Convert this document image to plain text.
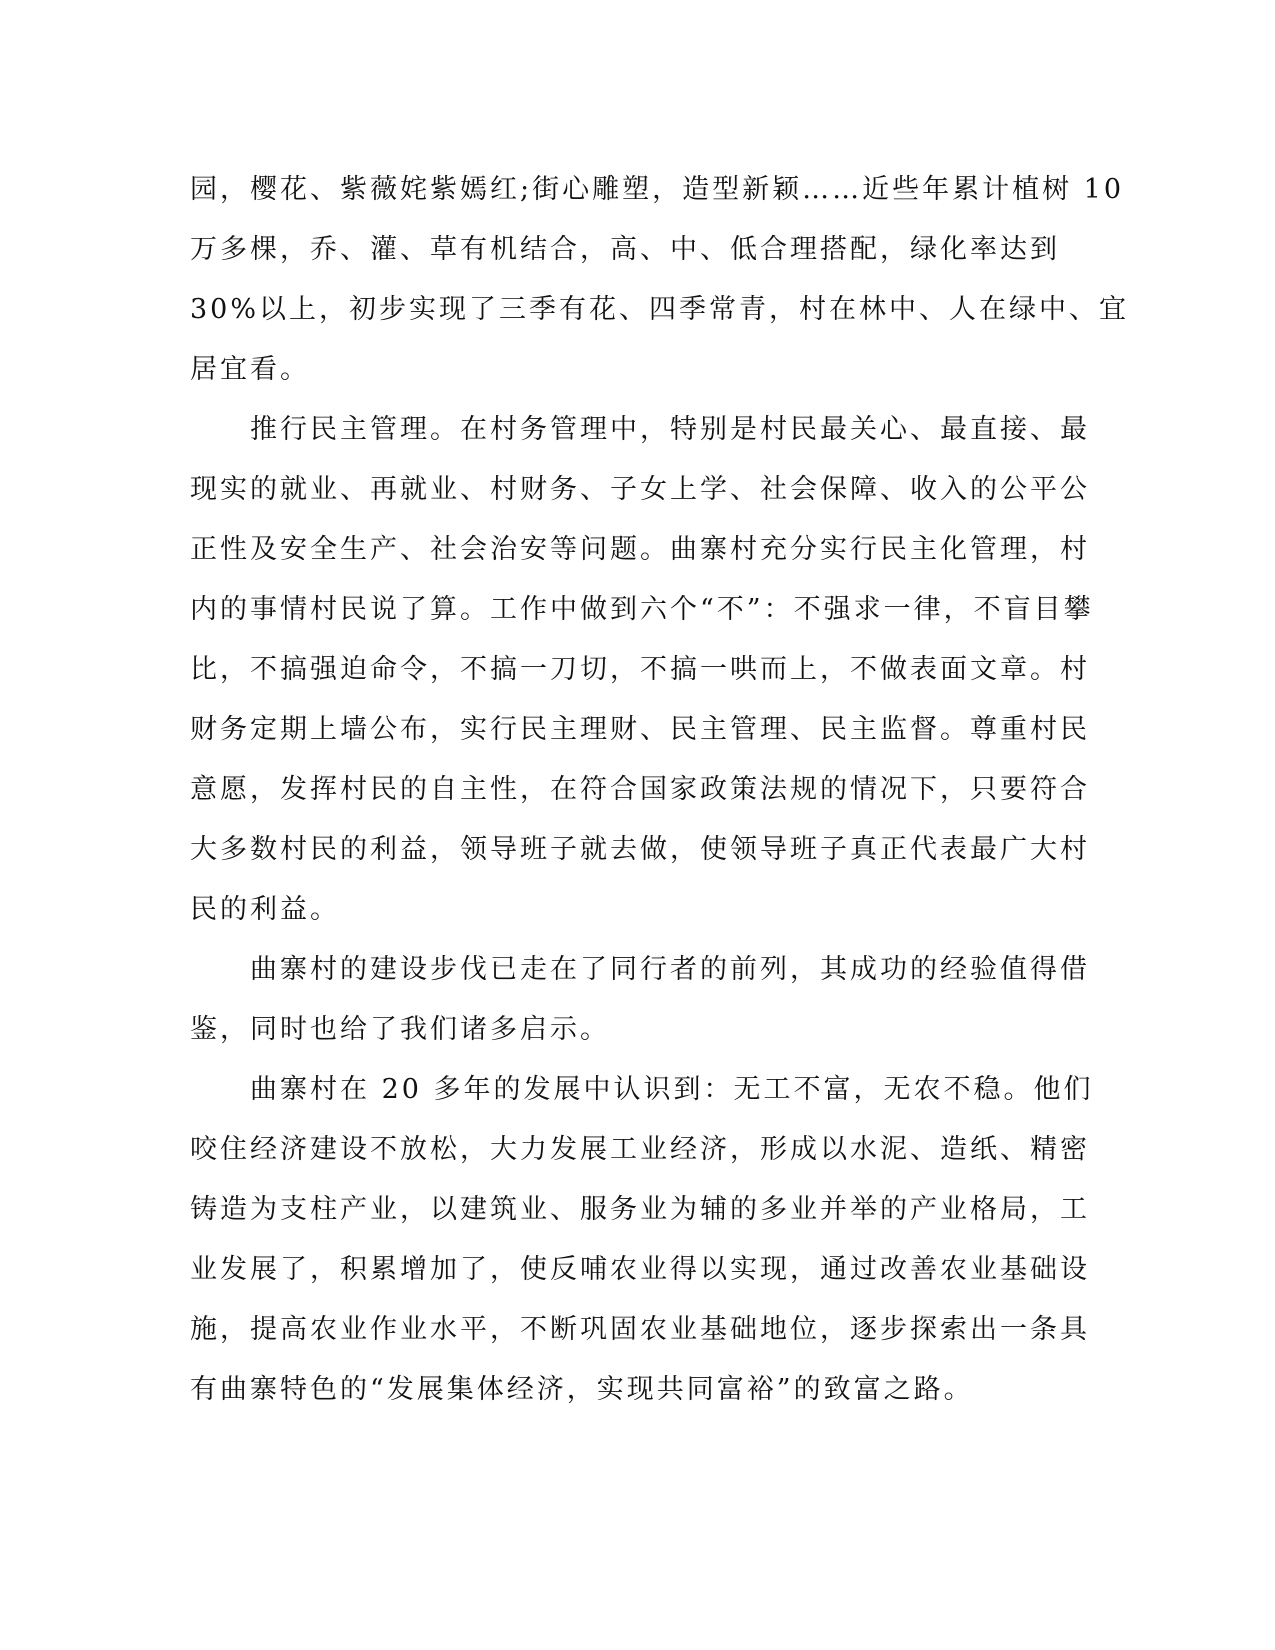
园，樱花、紫薇姹紫嫣红;街心雕塑，造型新颖……近些年累计植树 10
万多棵，乔、灌、草有机结合，高、中、低合理搭配，绿化率达到
30%以上，初步实现了三季有花、四季常青，村在林中、人在绿中、宜
居宜看。
　　推行民主管理。在村务管理中，特别是村民最关心、最直接、最
现实的就业、再就业、村财务、子女上学、社会保障、收入的公平公
正性及安全生产、社会治安等问题。曲寨村充分实行民主化管理，村
内的事情村民说了算。工作中做到六个“不”：不强求一律，不盲目攀
比，不搞强迫命令，不搞一刀切，不搞一哄而上，不做表面文章。村
财务定期上墙公布，实行民主理财、民主管理、民主监督。尊重村民
意愿，发挥村民的自主性，在符合国家政策法规的情况下，只要符合
大多数村民的利益，领导班子就去做，使领导班子真正代表最广大村
民的利益。
　　曲寨村的建设步伐已走在了同行者的前列，其成功的经验值得借
鉴，同时也给了我们诸多启示。
　　曲寨村在 20 多年的发展中认识到：无工不富，无农不稳。他们
咬住经济建设不放松，大力发展工业经济，形成以水泥、造纸、精密
铸造为支柱产业，以建筑业、服务业为辅的多业并举的产业格局，工
业发展了，积累增加了，使反哺农业得以实现，通过改善农业基础设
施，提高农业作业水平，不断巩固农业基础地位，逐步探索出一条具
有曲寨特色的“发展集体经济，实现共同富裕”的致富之路。
